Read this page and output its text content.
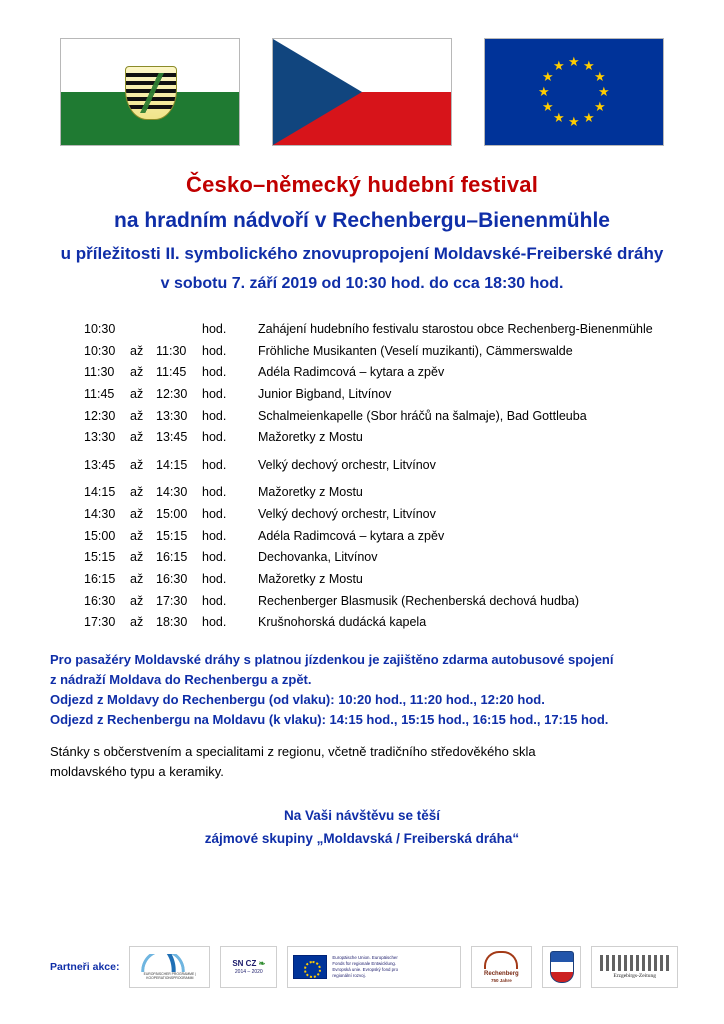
★ ★
★
★
★
★
★
★
★
★
★
★
Česko–německý hudební festival
na hradním nádvoří v Rechenbergu–Bienenmühle
u příležitosti II. symbolického znovupropojení Moldavské-Freiberské dráhy
v sobotu 7. září 2019 od 10:30 hod. do cca 18:30 hod.
10:30			hod.	Zahájení hudebního festivalu starostou obce Rechenberg-Bienenmühle
10:30	až	11:30	hod.	Fröhliche Musikanten (Veselí muzikanti), Cämmerswalde
11:30	až	11:45	hod.	Adéla Radimcová – kytara a zpěv
11:45	až	12:30	hod.	Junior Bigband, Litvínov
12:30	až	13:30	hod.	Schalmeienkapelle (Sbor hráčů na šalmaje), Bad Gottleuba
13:30	až	13:45	hod.	Mažoretky z Mostu
13:45	až	14:15	hod.	Velký dechový orchestr, Litvínov
14:15	až	14:30	hod.	Mažoretky z Mostu
14:30	až	15:00	hod.	Velký dechový orchestr, Litvínov
15:00	až	15:15	hod.	Adéla Radimcová – kytara a zpěv
15:15	až	16:15	hod.	Dechovanka, Litvínov
16:15	až	16:30	hod.	Mažoretky z Mostu
16:30	až	17:30	hod.	Rechenberger Blasmusik (Rechenberská dechová hudba)
17:30	až	18:30	hod.	Krušnohorská dudácká kapela

Pro pasažéry Moldavské dráhy s platnou jízdenkou je zajištěno zdarma autobusové spojení

z nádraží Moldava do Rechenbergu a zpět.

Odjezd z Moldavy do Rechenbergu (od vlaku): 10:20 hod., 11:20 hod., 12:20 hod.

Odjezd z Rechenbergu na Moldavu (k vlaku): 14:15 hod., 15:15 hod., 16:15 hod., 17:15 hod.

Stánky s občerstvením a specialitami z regionu, včetně tradičního středověkého skla

moldavského typu a keramiky.

Na Vaši návštěvu se těší
zájmové skupiny „Moldavská / Freiberská dráha“
Partneři akce:
EUROPÄISCHER PROGRAMME | KOOPERATIONSPROGRAMM
SN CZ ❧
2014 – 2020
Europäische Union. Europäischer
Fonds für regionale Entwicklung.
Evropská unie. Evropský fond pro
regionální rozvoj.	Rechenberg
750 Jahre
Erzgebirgs-Zeitung
